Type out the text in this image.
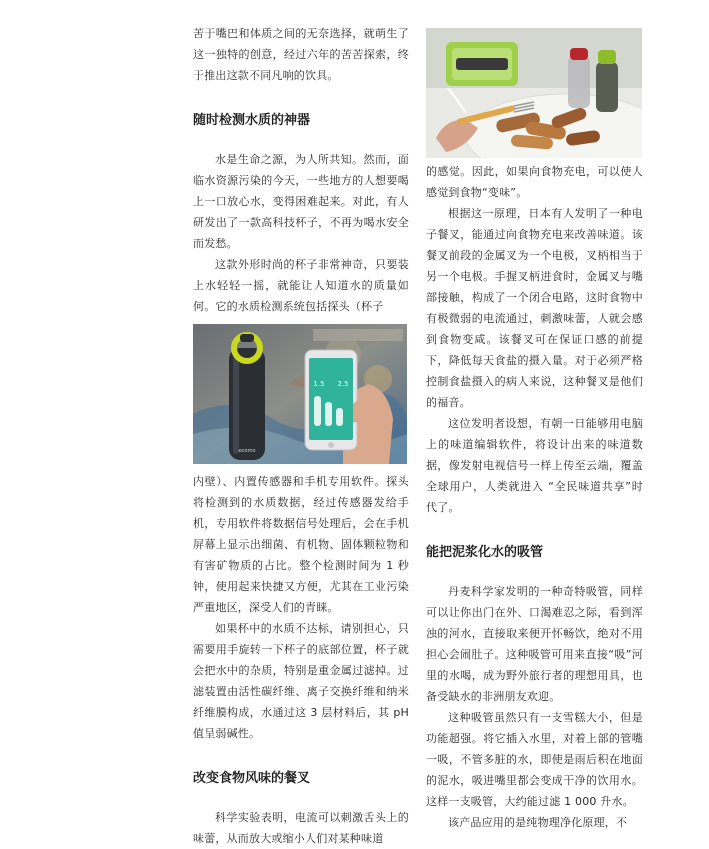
苦于嘴巴和体质之间的无奈选择，就萌生了这一独特的创意，经过六年的苦苦探索，终于推出这款不同凡响的饮具。

随时检测水质的神器

水是生命之源，为人所共知。然而，面临水资源污染的今天，一些地方的人想要喝上一口放心水，变得困难起来。对此，有人研发出了一款高科技杯子，不再为喝水安全而发愁。

这款外形时尚的杯子非常神奇，只要装上水轻轻一摇，就能让人知道水的质量如何。它的水质检测系统包括探头（杯子

ecomo
1.5 2.5

内壁）、内置传感器和手机专用软件。探头将检测到的水质数据，经过传感器发给手机，专用软件将数据信号处理后，会在手机屏幕上显示出细菌、有机物、固体颗粒物和有害矿物质的占比。整个检测时间为 1 秒钟，使用起来快捷又方便，尤其在工业污染严重地区，深受人们的青睐。

如果杯中的水质不达标，请别担心，只需要用手旋转一下杯子的底部位置，杯子就会把水中的杂质，特别是重金属过滤掉。过滤装置由活性碳纤维、离子交换纤维和纳米纤维膜构成，水通过这 3 层材料后，其 pH 值呈弱碱性。

改变食物风味的餐叉

科学实验表明，电流可以刺激舌头上的味蕾，从而放大或缩小人们对某种味道

的感觉。因此，如果向食物充电，可以使人感觉到食物“变味”。

根据这一原理，日本有人发明了一种电子餐叉，能通过向食物充电来改善味道。该餐叉前段的金属叉为一个电极，叉柄相当于另一个电极。手握叉柄进食时，金属叉与嘴部接触，构成了一个闭合电路，这时食物中有极微弱的电流通过，刺激味蕾，人就会感到食物变咸。该餐叉可在保证口感的前提下，降低每天食盐的摄入量。对于必须严格控制食盐摄入的病人来说，这种餐叉是他们的福音。

这位发明者设想，有朝一日能够用电脑上的味道编辑软件，将设计出来的味道数据，像发射电视信号一样上传至云端，覆盖全球用户，人类就进入 “全民味道共享”时代了。

能把泥浆化水的吸管

丹麦科学家发明的一种奇特吸管，同样可以让你出门在外、口渴难忍之际，看到浑浊的河水，直接取来便开怀畅饮，绝对不用担心会闹肚子。这种吸管可用来直接“吸”河里的水喝，成为野外旅行者的理想用具，也备受缺水的非洲朋友欢迎。

这种吸管虽然只有一支雪糕大小，但是功能超强。将它插入水里，对着上部的管嘴一吸，不管多脏的水，即使是雨后积在地面的泥水，吸进嘴里都会变成干净的饮用水。这样一支吸管，大约能过滤 1 000 升水。

该产品应用的是纯物理净化原理，不
